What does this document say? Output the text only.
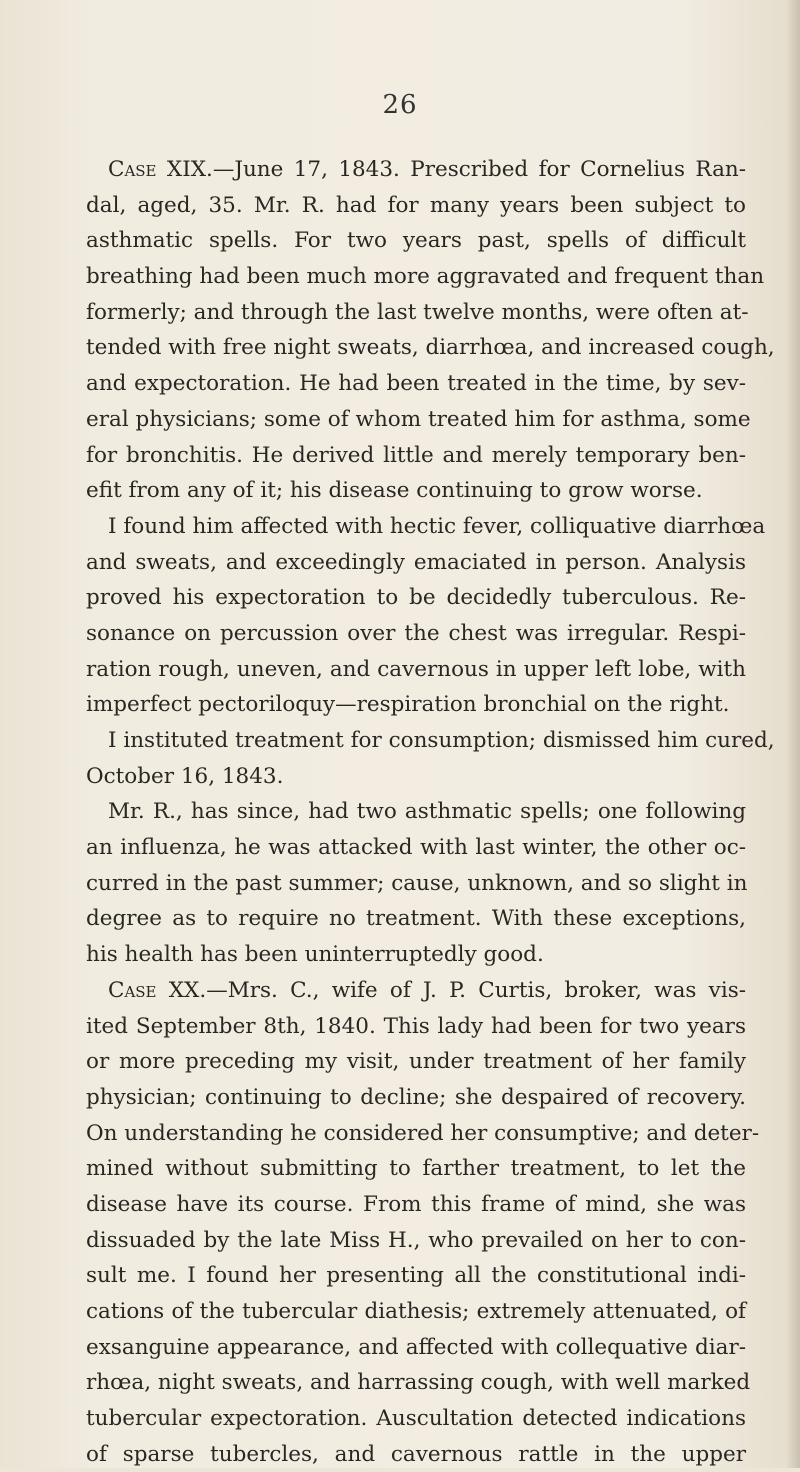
26
Case XIX.—June 17, 1843. Prescribed for Cornelius Ran-
dal, aged, 35. Mr. R. had for many years been subject to
asthmatic spells. For two years past, spells of difficult
breathing had been much more aggravated and frequent than
formerly; and through the last twelve months, were often at-
tended with free night sweats, diarrhœa, and increased cough,
and expectoration. He had been treated in the time, by sev-
eral physicians; some of whom treated him for asthma, some
for bronchitis. He derived little and merely temporary ben-
efit from any of it; his disease continuing to grow worse.
I found him affected with hectic fever, colliquative diarrhœa
and sweats, and exceedingly emaciated in person. Analysis
proved his expectoration to be decidedly tuberculous. Re-
sonance on percussion over the chest was irregular. Respi-
ration rough, uneven, and cavernous in upper left lobe, with
imperfect pectoriloquy—respiration bronchial on the right.
I instituted treatment for consumption; dismissed him cured,
October 16, 1843.
Mr. R., has since, had two asthmatic spells; one following
an influenza, he was attacked with last winter, the other oc-
curred in the past summer; cause, unknown, and so slight in
degree as to require no treatment. With these exceptions,
his health has been uninterruptedly good.
Case XX.—Mrs. C., wife of J. P. Curtis, broker, was vis-
ited September 8th, 1840. This lady had been for two years
or more preceding my visit, under treatment of her family
physician; continuing to decline; she despaired of recovery.
On understanding he considered her consumptive; and deter-
mined without submitting to farther treatment, to let the
disease have its course. From this frame of mind, she was
dissuaded by the late Miss H., who prevailed on her to con-
sult me. I found her presenting all the constitutional indi-
cations of the tubercular diathesis; extremely attenuated, of
exsanguine appearance, and affected with collequative diar-
rhœa, night sweats, and harrassing cough, with well marked
tubercular expectoration. Auscultation detected indications
of sparse tubercles, and cavernous rattle in the upper
